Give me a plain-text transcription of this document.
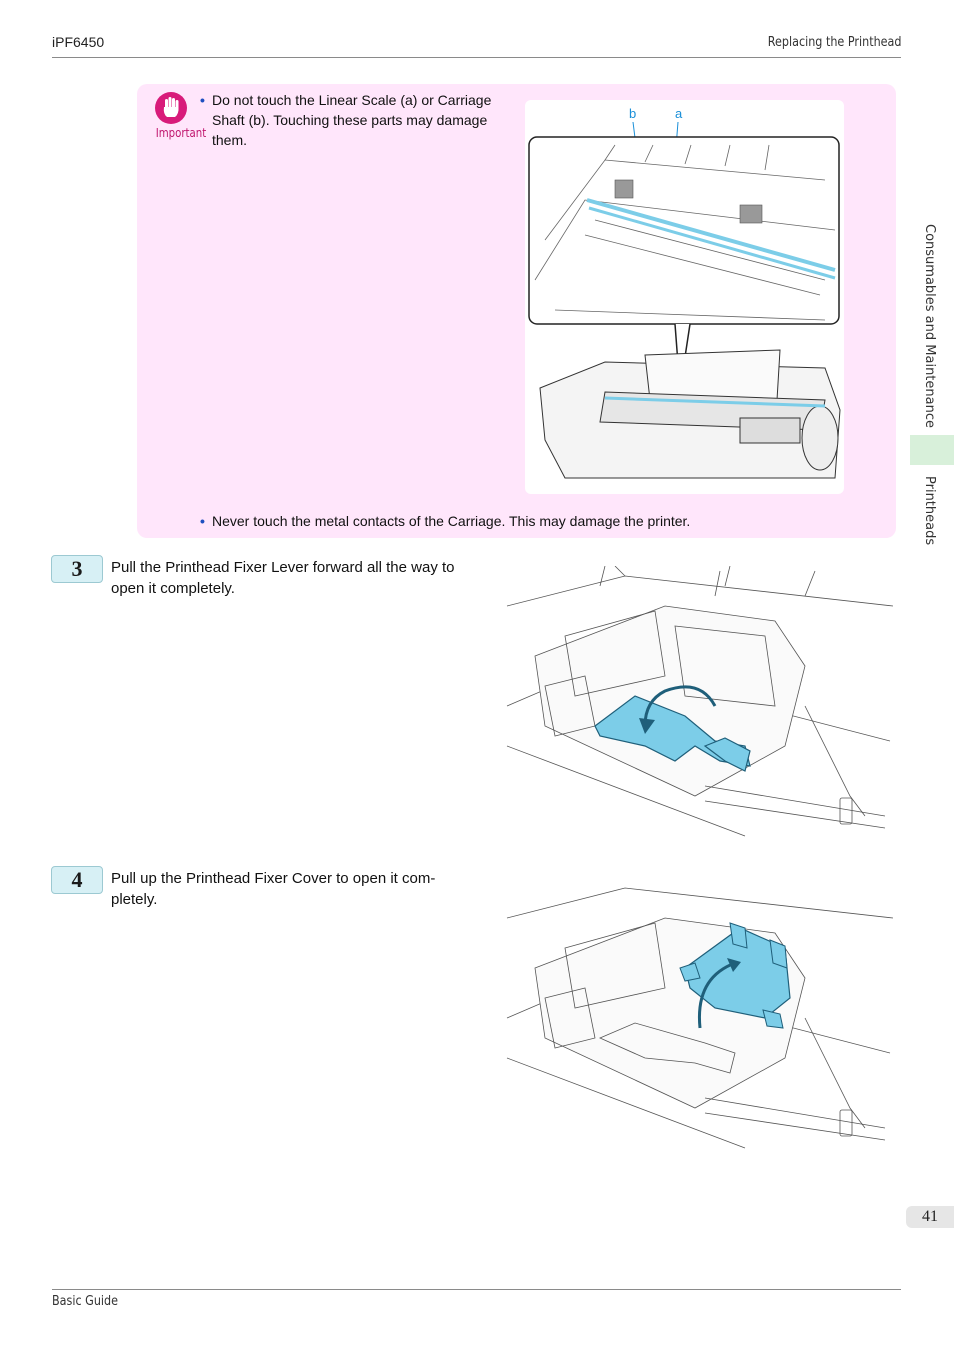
iPF6450	Replacing the Printhead
Consumables and Maintenance
Printheads
Important
• Do not touch the Linear Scale (a) or Carriage Shaft (b). Touching these parts may damage them.
b	a
• Never touch the metal contacts of the Carriage. This may damage the printer.
3	Pull the Printhead Fixer Lever forward all the way to open it completely.
4	Pull up the Printhead Fixer Cover to open it com-pletely.
41
Basic Guide
